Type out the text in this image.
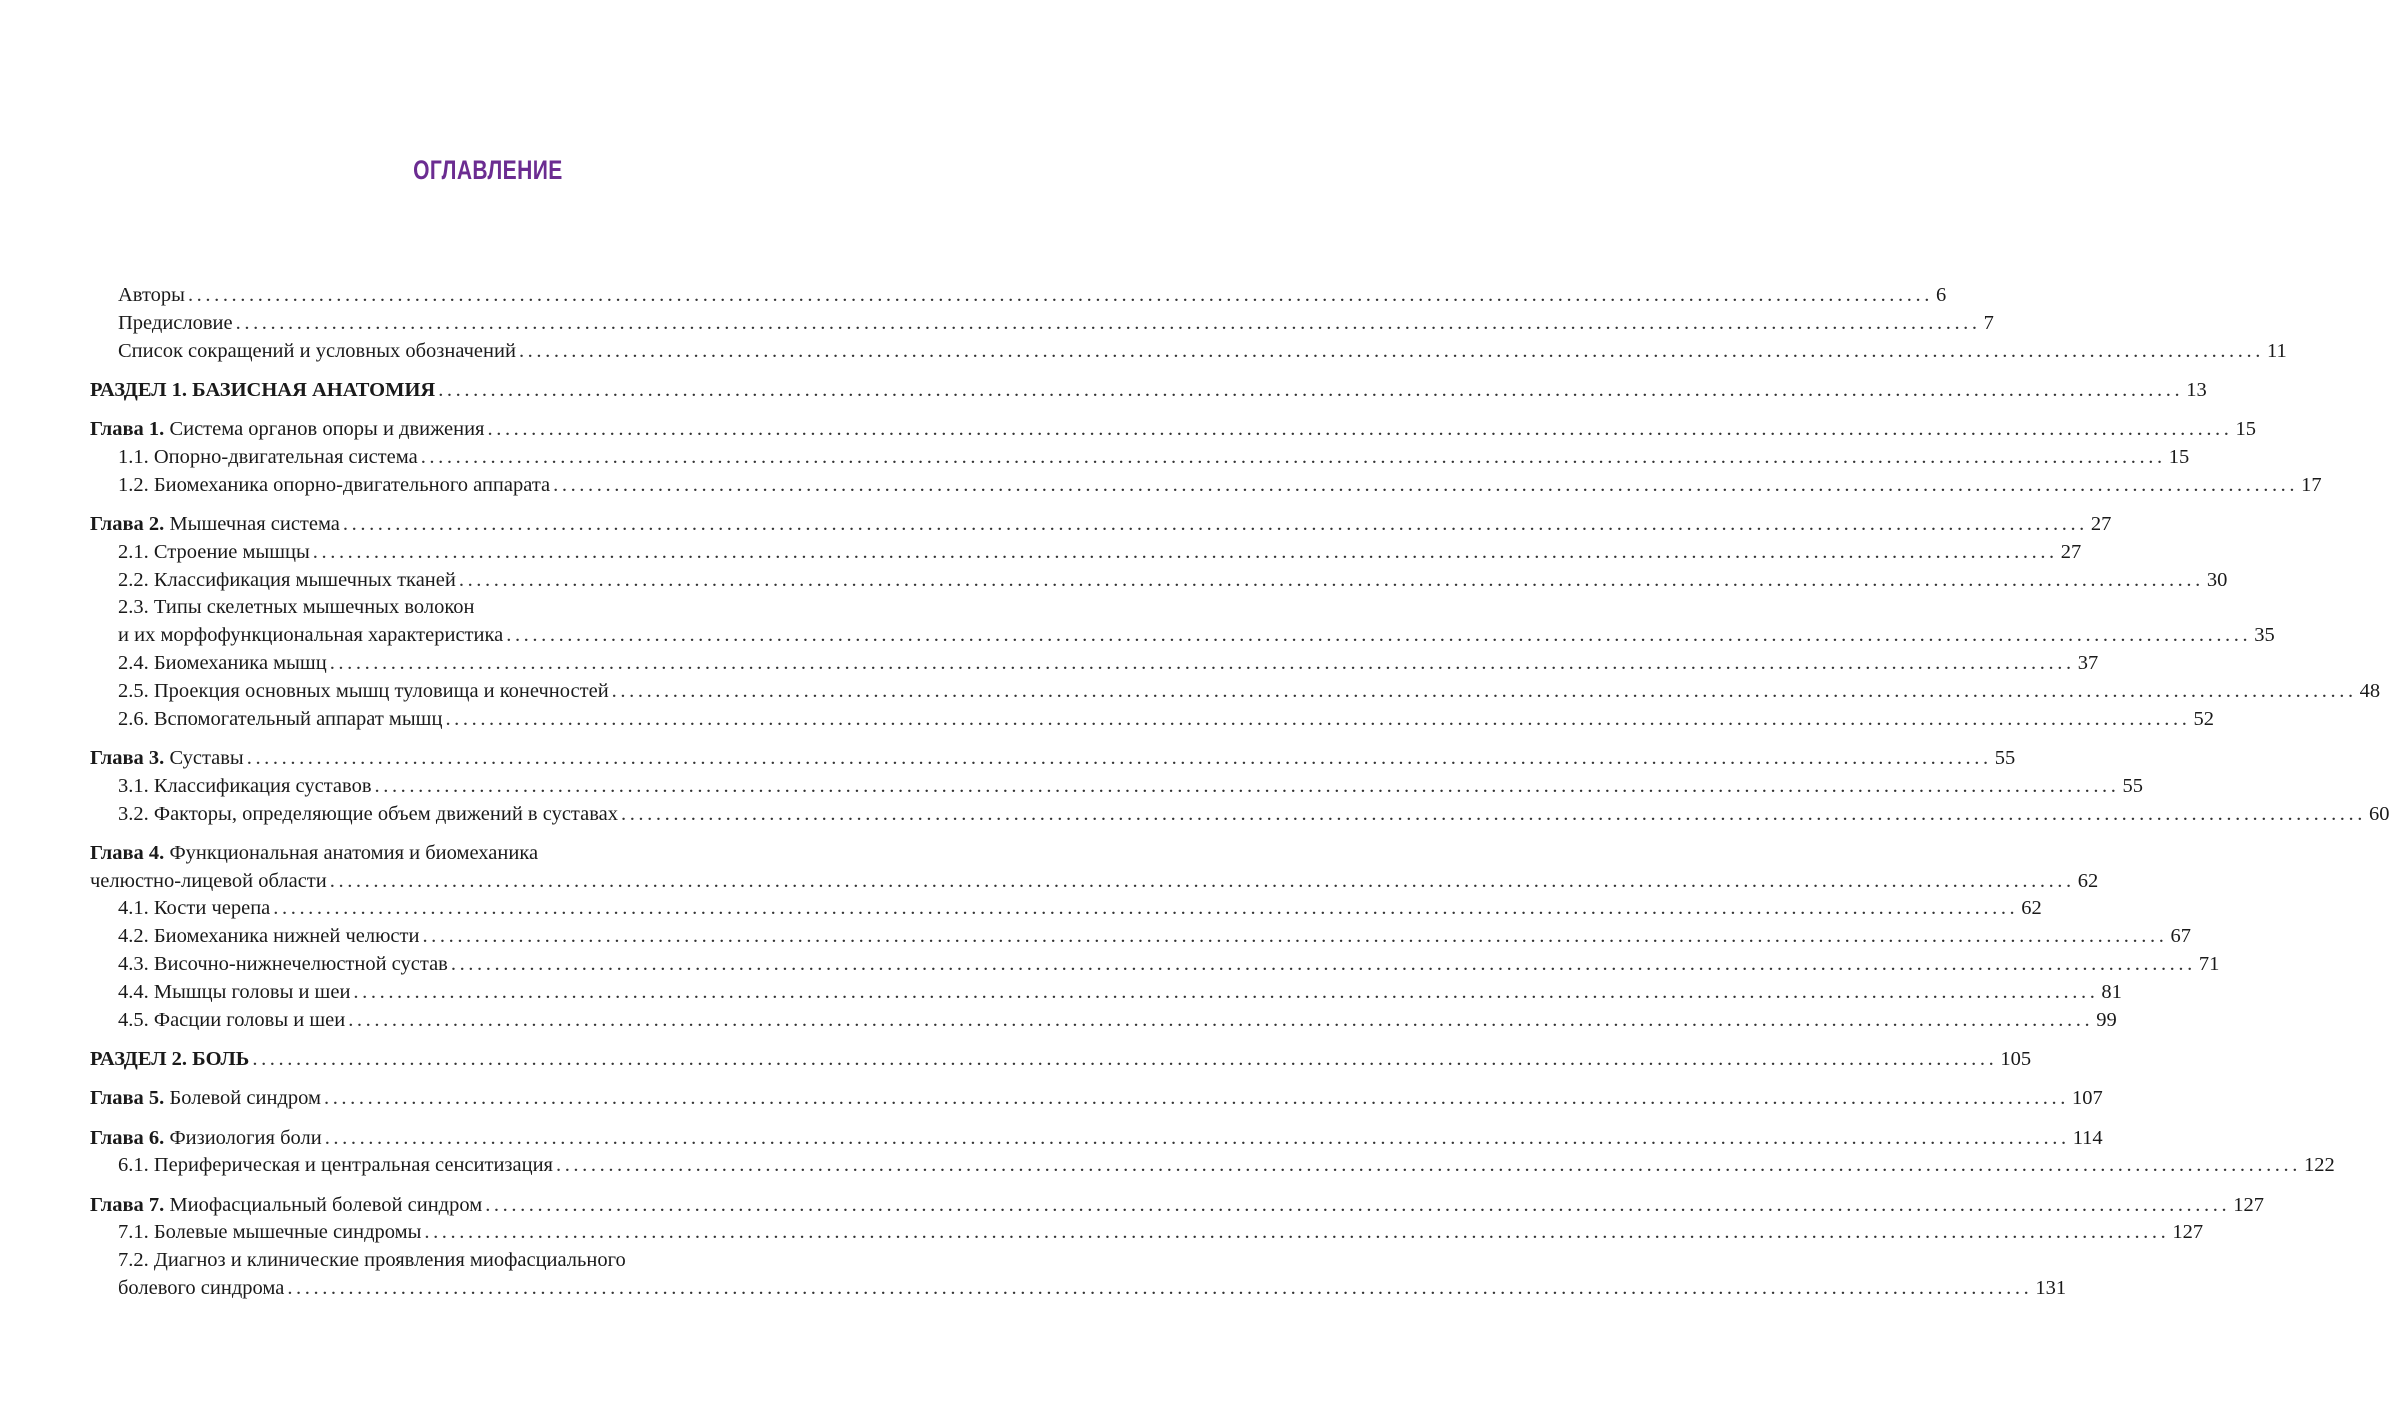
ОГЛАВЛЕНИЕ
Авторы ........................................................................................................................................................................................................ 6
Предисловие ........................................................................................................................................................................................................ 7
Список сокращений и условных обозначений ........................................................................................................................................................................................................ 11
РАЗДЕЛ 1. БАЗИСНАЯ АНАТОМИЯ ........................................................................................................................................................................................................ 13
Глава 1. Система органов опоры и движения ........................................................................................................................................................................................................ 15
1.1. Опорно-двигательная система ........................................................................................................................................................................................................ 15
1.2. Биомеханика опорно-двигательного аппарата ........................................................................................................................................................................................................ 17
Глава 2. Мышечная система ........................................................................................................................................................................................................ 27
2.1. Строение мышцы ........................................................................................................................................................................................................ 27
2.2. Классификация мышечных тканей ........................................................................................................................................................................................................ 30
2.3. Типы скелетных мышечных волокон
и их морфофункциональная характеристика ........................................................................................................................................................................................................ 35
2.4. Биомеханика мышц ........................................................................................................................................................................................................ 37
2.5. Проекция основных мышц туловища и конечностей ........................................................................................................................................................................................................ 48
2.6. Вспомогательный аппарат мышц ........................................................................................................................................................................................................ 52
Глава 3. Суставы ........................................................................................................................................................................................................ 55
3.1. Классификация суставов ........................................................................................................................................................................................................ 55
3.2. Факторы, определяющие объем движений в суставах ........................................................................................................................................................................................................ 60
Глава 4. Функциональная анатомия и биомеханика
челюстно-лицевой области ........................................................................................................................................................................................................ 62
4.1. Кости черепа ........................................................................................................................................................................................................ 62
4.2. Биомеханика нижней челюсти ........................................................................................................................................................................................................ 67
4.3. Височно-нижнечелюстной сустав ........................................................................................................................................................................................................ 71
4.4. Мышцы головы и шеи ........................................................................................................................................................................................................ 81
4.5. Фасции головы и шеи ........................................................................................................................................................................................................ 99
РАЗДЕЛ 2. БОЛЬ ........................................................................................................................................................................................................ 105
Глава 5. Болевой синдром ........................................................................................................................................................................................................ 107
Глава 6. Физиология боли ........................................................................................................................................................................................................ 114
6.1. Периферическая и центральная сенситизация ........................................................................................................................................................................................................ 122
Глава 7. Миофасциальный болевой синдром ........................................................................................................................................................................................................ 127
7.1. Болевые мышечные синдромы ........................................................................................................................................................................................................ 127
7.2. Диагноз и клинические проявления миофасциального
болевого синдрома ........................................................................................................................................................................................................ 131
